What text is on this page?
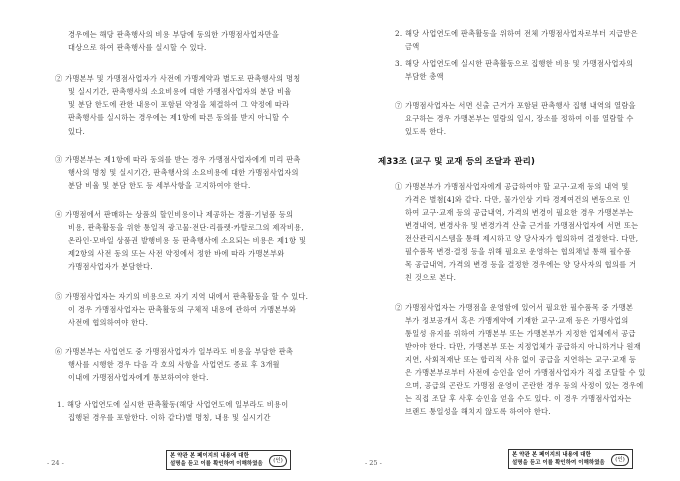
경우에는 해당 판촉행사의 비용 부담에 동의한 가맹점사업자만을
대상으로 하여 판촉행사를 실시할 수 있다.
② 가맹본부 및 가맹점사업자가 사전에 가맹계약과 별도로 판촉행사의 명칭
및 실시기간, 판촉행사의 소요비용에 대한 가맹점사업자의 분담 비율
및 분담 한도에 관한 내용이 포함된 약정을 체결하여 그 약정에 따라
판촉행사를 실시하는 경우에는 제1항에 따른 동의를 받지 아니할 수
있다.
③ 가맹본부는 제1항에 따라 동의를 받는 경우 가맹점사업자에게 미리 판촉
행사의 명칭 및 실시기간, 판촉행사의 소요비용에 대한 가맹점사업자의
분담 비율 및 분담 한도 등 세부사항을 고지하여야 한다.
④ 가맹점에서 판매하는 상품의 할인비용이나 제공하는 경품·기념품 등의
비용, 판촉활동을 위한 통일적 광고물·전단·리플렛·카탈로그의 제작비용,
온라인·모바일 상품권 발행비용 등 판촉행사에 소요되는 비용은 제1항 및
제2항의 사전 동의 또는 사전 약정에서 정한 바에 따라 가맹본부와
가맹점사업자가 분담한다.
⑤ 가맹점사업자는 자기의 비용으로 자기 지역 내에서 판촉활동을 할 수 있다.
이 경우 가맹점사업자는 판촉활동의 구체적 내용에 관하여 가맹본부와
사전에 협의하여야 한다.
⑥ 가맹본부는 사업연도 중 가맹점사업자가 일부라도 비용을 부담한 판촉
행사를 시행한 경우 다음 각 호의 사항을 사업연도 종료 후 3개월
이내에 가맹점사업자에게 통보하여야 한다.
1. 해당 사업연도에 실시한 판촉활동(해당 사업연도에 일부라도 비용이
집행된 경우를 포함한다. 이하 같다)별 명칭, 내용 및 실시기간
- 24 -
본 약관 본 페이지의 내용에 대한
설명을 듣고 이를 확인하여 이해하였음	(인)
2. 해당 사업연도에 판촉활동을 위하여 전체 가맹점사업자로부터 지급받은
금액
3. 해당 사업연도에 실시한 판촉활동으로 집행한 비용 및 가맹점사업자의
부담한 총액
⑦ 가맹점사업자는 서면 신출 근거가 포함된 판촉행사 집행 내역의 열람을
요구하는 경우 가맹본부는 열람의 일시, 장소를 정하여 이를 열람할 수
있도록 한다.
제33조 (교구 및 교재 등의 조달과 관리)
① 가맹본부가 가맹점사업자에게 공급하여야 할 교구·교재 등의 내역 및
가격은 별첨[4]와 같다. 다만, 물가인상 기타 경제여건의 변동으로 인
하여 교구·교재 등의 공급내역, 가격의 변경이 필요한 경우 가맹본부는
변경내역, 변경사유 및 변경가격 산출 근거를 가맹점사업자에 서면 또는
전산관리시스템을 통해 제시하고 양 당사자가 협의하여 결정한다. 다만,
필수품목 변경·결정 등을 위해 필요로 운영하는 협의채널 통해 필수품
목 공급내역, 가격의 변경 등을 결정한 경우에는 양 당사자의 협의를 거
친 것으로 본다.
② 가맹점사업자는 가맹점을 운영함에 있어서 필요한 필수품목 중 가맹본
부가 정보공개서 혹은 가맹계약에 기재한 교구·교재 등은 가맹사업의
통일성 유지를 위하여 가맹본부 또는 가맹본부가 지정한 업체에서 공급
받아야 한다. 다만, 가맹본부 또는 지정업체가 공급하지 아니하거나 원재
지연, 사회적재난 또는 합리적 사유 없이 공급을 지연하는 교구·교재 등
은 가맹본부로부터 사전에 승인을 얻어 가맹점사업자가 직접 조달할 수 있
으며, 공급의 곤란도 가맹점 운영이 곤란한 경우 등의 사정이 있는 경우에
는 직접 조달 후 사후 승인을 얻을 수도 있다. 이 경우 가맹점사업자는
브랜드 통일성을 해치지 않도록 하여야 한다.
- 25 -
본 약관 본 페이지의 내용에 대한
설명을 듣고 이를 확인하여 이해하였음	(인)
